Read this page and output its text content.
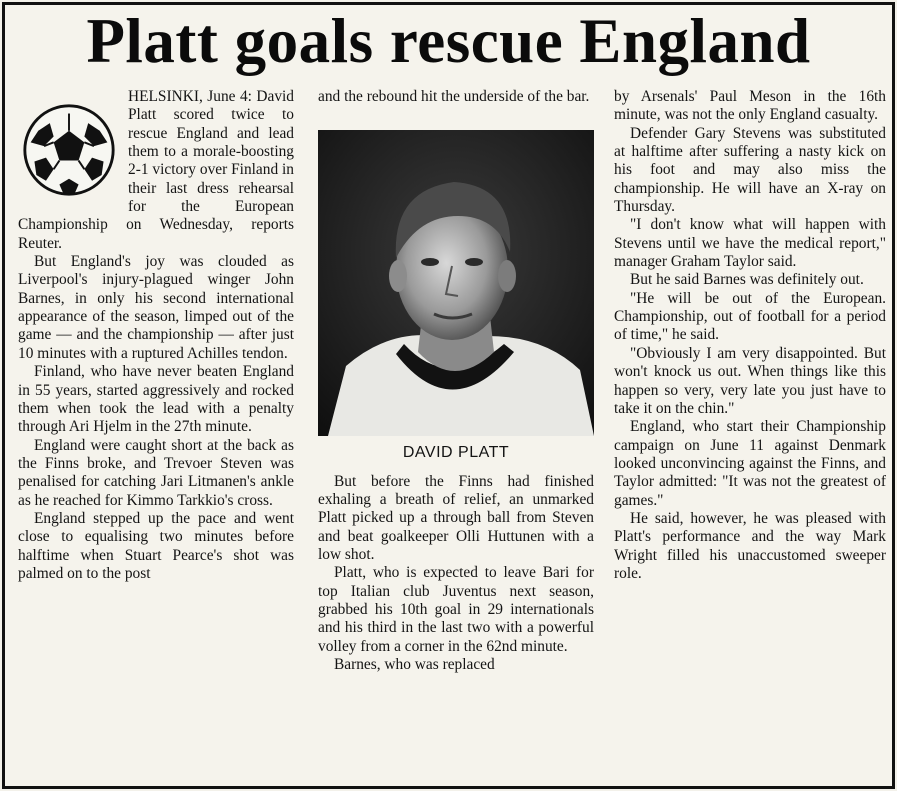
Platt goals rescue England

HELSINKI, June 4: David Platt scored twice to rescue England and lead them to a morale-boosting 2-1 victory over Finland in their last dress rehearsal for the European Championship on Wednesday, reports Reuter.

But England's joy was clouded as Liverpool's injury-plagued winger John Barnes, in only his second international appearance of the season, limped out of the game — and the championship — after just 10 minutes with a ruptured Achilles tendon.

Finland, who have never beaten England in 55 years, started aggressively and rocked them when took the lead with a penalty through Ari Hjelm in the 27th minute.

England were caught short at the back as the Finns broke, and Trevoer Steven was penalised for catching Jari Litmanen's ankle as he reached for Kimmo Tarkkio's cross.

England stepped up the pace and went close to equalising two minutes before halftime when Stuart Pearce's shot was palmed on to the post

and the rebound hit the underside of the bar.

DAVID PLATT

But before the Finns had finished exhaling a breath of relief, an unmarked Platt picked up a through ball from Steven and beat goalkeeper Olli Huttunen with a low shot.

Platt, who is expected to leave Bari for top Italian club Juventus next season, grabbed his 10th goal in 29 internationals and his third in the last two with a powerful volley from a corner in the 62nd minute.

Barnes, who was replaced

by Arsenals' Paul Meson in the 16th minute, was not the only England casualty.

Defender Gary Stevens was substituted at halftime after suffering a nasty kick on his foot and may also miss the championship. He will have an X-ray on Thursday.

"I don't know what will happen with Stevens until we have the medical report," manager Graham Taylor said.

But he said Barnes was definitely out.

"He will be out of the European. Championship, out of football for a period of time," he said.

"Obviously I am very disappointed. But won't knock us out. When things like this happen so very, very late you just have to take it on the chin."

England, who start their Championship campaign on June 11 against Denmark looked unconvincing against the Finns, and Taylor admitted: "It was not the greatest of games."

He said, however, he was pleased with Platt's performance and the way Mark Wright filled his unaccustomed sweeper role.
